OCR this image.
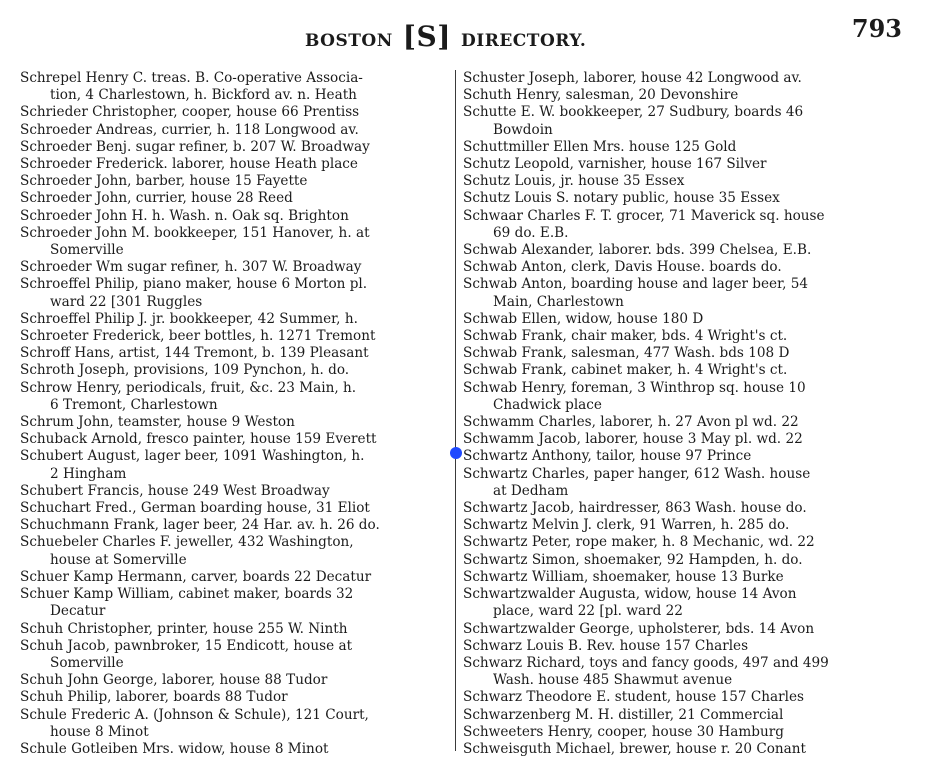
BOSTON [S] DIRECTORY.	793
Schrepel Henry C. treas. B. Co-operative Associa-
tion, 4 Charlestown, h. Bickford av. n. Heath
Schrieder Christopher, cooper, house 66 Prentiss
Schroeder Andreas, currier, h. 118 Longwood av.
Schroeder Benj. sugar refiner, b. 207 W. Broadway
Schroeder Frederick. laborer, house Heath place
Schroeder John, barber, house 15 Fayette
Schroeder John, currier, house 28 Reed
Schroeder John H. h. Wash. n. Oak sq. Brighton
Schroeder John M. bookkeeper, 151 Hanover, h. at
Somerville
Schroeder Wm sugar refiner, h. 307 W. Broadway
Schroeffel Philip, piano maker, house 6 Morton pl.
ward 22 [301 Ruggles
Schroeffel Philip J. jr. bookkeeper, 42 Summer, h.
Schroeter Frederick, beer bottles, h. 1271 Tremont
Schroff Hans, artist, 144 Tremont, b. 139 Pleasant
Schroth Joseph, provisions, 109 Pynchon, h. do.
Schrow Henry, periodicals, fruit, &c. 23 Main, h.
6 Tremont, Charlestown
Schrum John, teamster, house 9 Weston
Schuback Arnold, fresco painter, house 159 Everett
Schubert August, lager beer, 1091 Washington, h.
2 Hingham
Schubert Francis, house 249 West Broadway
Schuchart Fred., German boarding house, 31 Eliot
Schuchmann Frank, lager beer, 24 Har. av. h. 26 do.
Schuebeler Charles F. jeweller, 432 Washington,
house at Somerville
Schuer Kamp Hermann, carver, boards 22 Decatur
Schuer Kamp William, cabinet maker, boards 32
Decatur
Schuh Christopher, printer, house 255 W. Ninth
Schuh Jacob, pawnbroker, 15 Endicott, house at
Somerville
Schuh John George, laborer, house 88 Tudor
Schuh Philip, laborer, boards 88 Tudor
Schule Frederic A. (Johnson & Schule), 121 Court,
house 8 Minot
Schule Gotleiben Mrs. widow, house 8 Minot
Schuster Joseph, laborer, house 42 Longwood av.
Schuth Henry, salesman, 20 Devonshire
Schutte E. W. bookkeeper, 27 Sudbury, boards 46
Bowdoin
Schuttmiller Ellen Mrs. house 125 Gold
Schutz Leopold, varnisher, house 167 Silver
Schutz Louis, jr. house 35 Essex
Schutz Louis S. notary public, house 35 Essex
Schwaar Charles F. T. grocer, 71 Maverick sq. house
69 do. E.B.
Schwab Alexander, laborer. bds. 399 Chelsea, E.B.
Schwab Anton, clerk, Davis House. boards do.
Schwab Anton, boarding house and lager beer, 54
Main, Charlestown
Schwab Ellen, widow, house 180 D
Schwab Frank, chair maker, bds. 4 Wright's ct.
Schwab Frank, salesman, 477 Wash. bds 108 D
Schwab Frank, cabinet maker, h. 4 Wright's ct.
Schwab Henry, foreman, 3 Winthrop sq. house 10
Chadwick place
Schwamm Charles, laborer, h. 27 Avon pl wd. 22
Schwamm Jacob, laborer, house 3 May pl. wd. 22
Schwartz Anthony, tailor, house 97 Prince
Schwartz Charles, paper hanger, 612 Wash. house
at Dedham
Schwartz Jacob, hairdresser, 863 Wash. house do.
Schwartz Melvin J. clerk, 91 Warren, h. 285 do.
Schwartz Peter, rope maker, h. 8 Mechanic, wd. 22
Schwartz Simon, shoemaker, 92 Hampden, h. do.
Schwartz William, shoemaker, house 13 Burke
Schwartzwalder Augusta, widow, house 14 Avon
place, ward 22 [pl. ward 22
Schwartzwalder George, upholsterer, bds. 14 Avon
Schwarz Louis B. Rev. house 157 Charles
Schwarz Richard, toys and fancy goods, 497 and 499
Wash. house 485 Shawmut avenue
Schwarz Theodore E. student, house 157 Charles
Schwarzenberg M. H. distiller, 21 Commercial
Schweeters Henry, cooper, house 30 Hamburg
Schweisguth Michael, brewer, house r. 20 Conant
